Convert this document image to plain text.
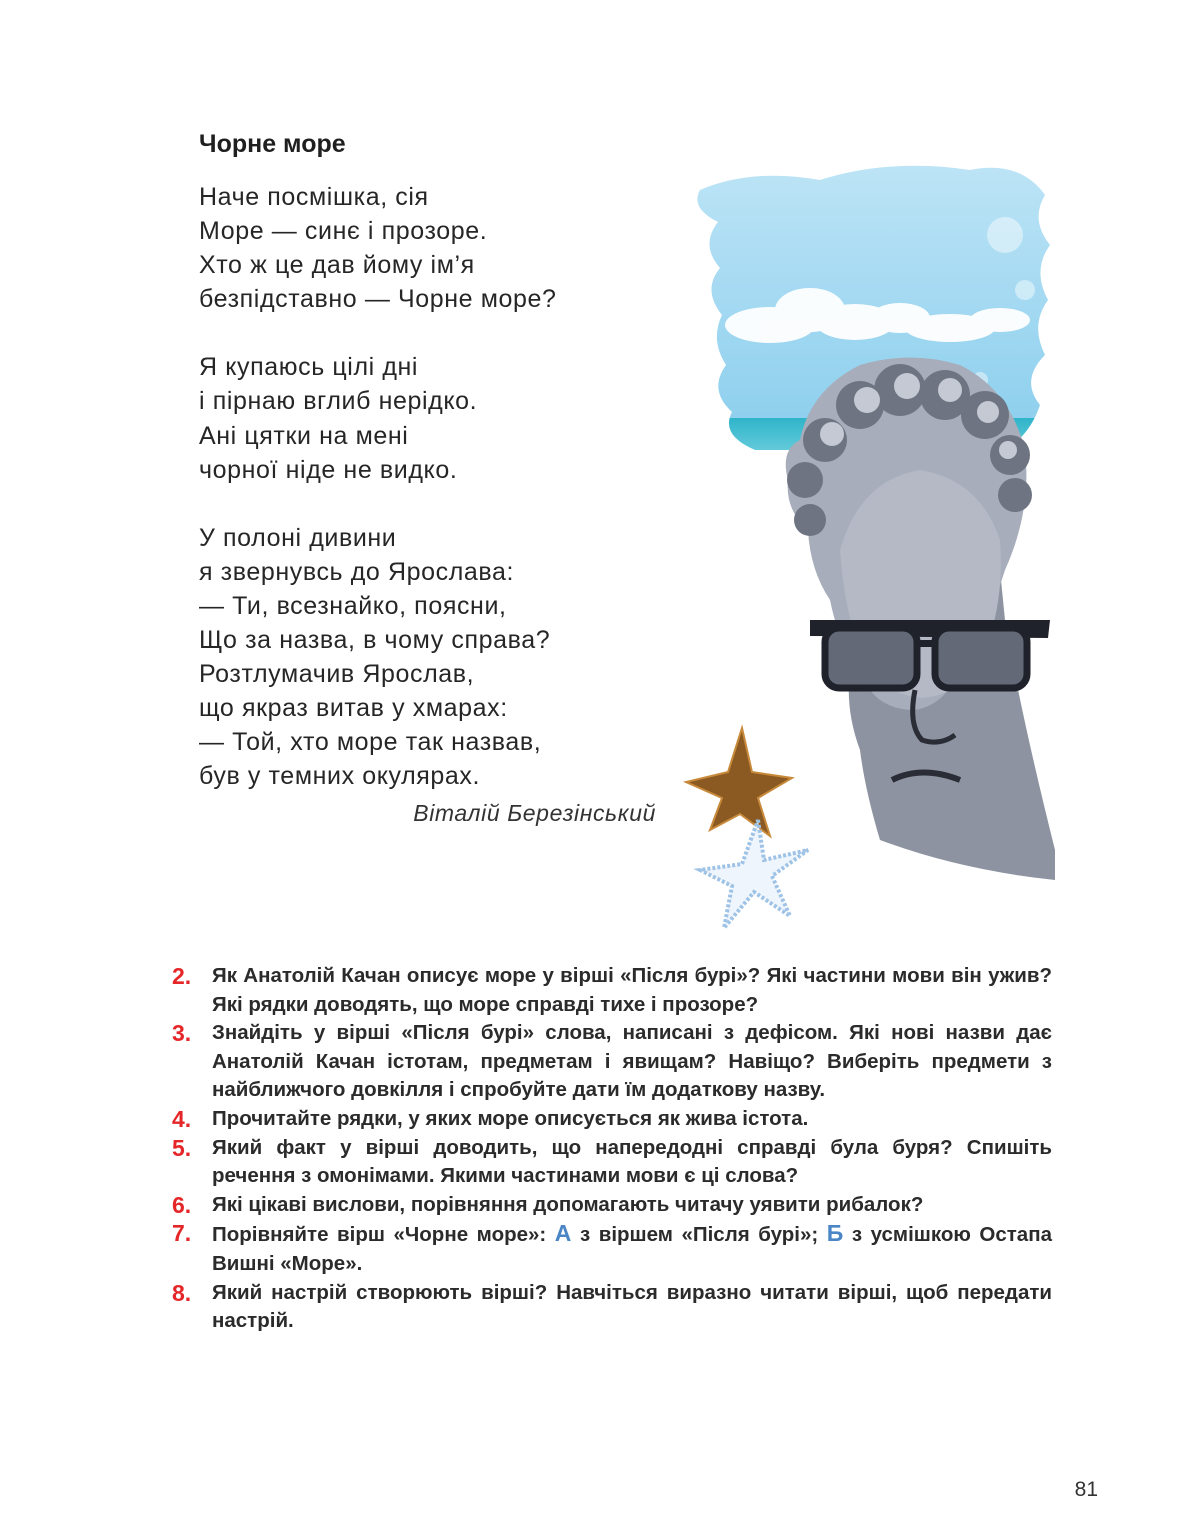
Чорне море
Наче посмішка, сія
Море — синє і прозоре.
Хто ж це дав йому ім’я
безпідставно — Чорне море?
Я купаюсь цілі дні
і пірнаю вглиб нерідко.
Ані цятки на мені
чорної ніде не видко.
У полоні дивини
я звернувсь до Ярослава:
— Ти, всезнайко, поясни,
Що за назва, в чому справа?
Розтлумачив Ярослав,
що якраз витав у хмарах:
— Той, хто море так назвав,
був у темних окулярах.
Віталій Березінський

2. Як Анатолій Качан описує море у вірші «Після бурі»? Які частини мови він ужив? Які рядки доводять, що море справді тихе і прозоре?

3. Знайдіть у вірші «Після бурі» слова, написані з дефісом. Які нові назви дає Анатолій Качан істотам, предметам і явищам? Навіщо? Виберіть предмети з найближчого довкілля і спробуйте дати їм додаткову назву.

4. Прочитайте рядки, у яких море описується як жива істота.

5. Який факт у вірші доводить, що напередодні справді була буря? Спишіть речення з омонімами. Якими частинами мови є ці слова?

6. Які цікаві вислови, порівняння допомагають читачу уявити рибалок?

7. Порівняйте вірш «Чорне море»: А з віршем «Після бурі»; Б з усмішкою Остапа Вишні «Море».

8. Який настрій створюють вірші? Навчіться виразно читати вірші, щоб передати настрій.

81
